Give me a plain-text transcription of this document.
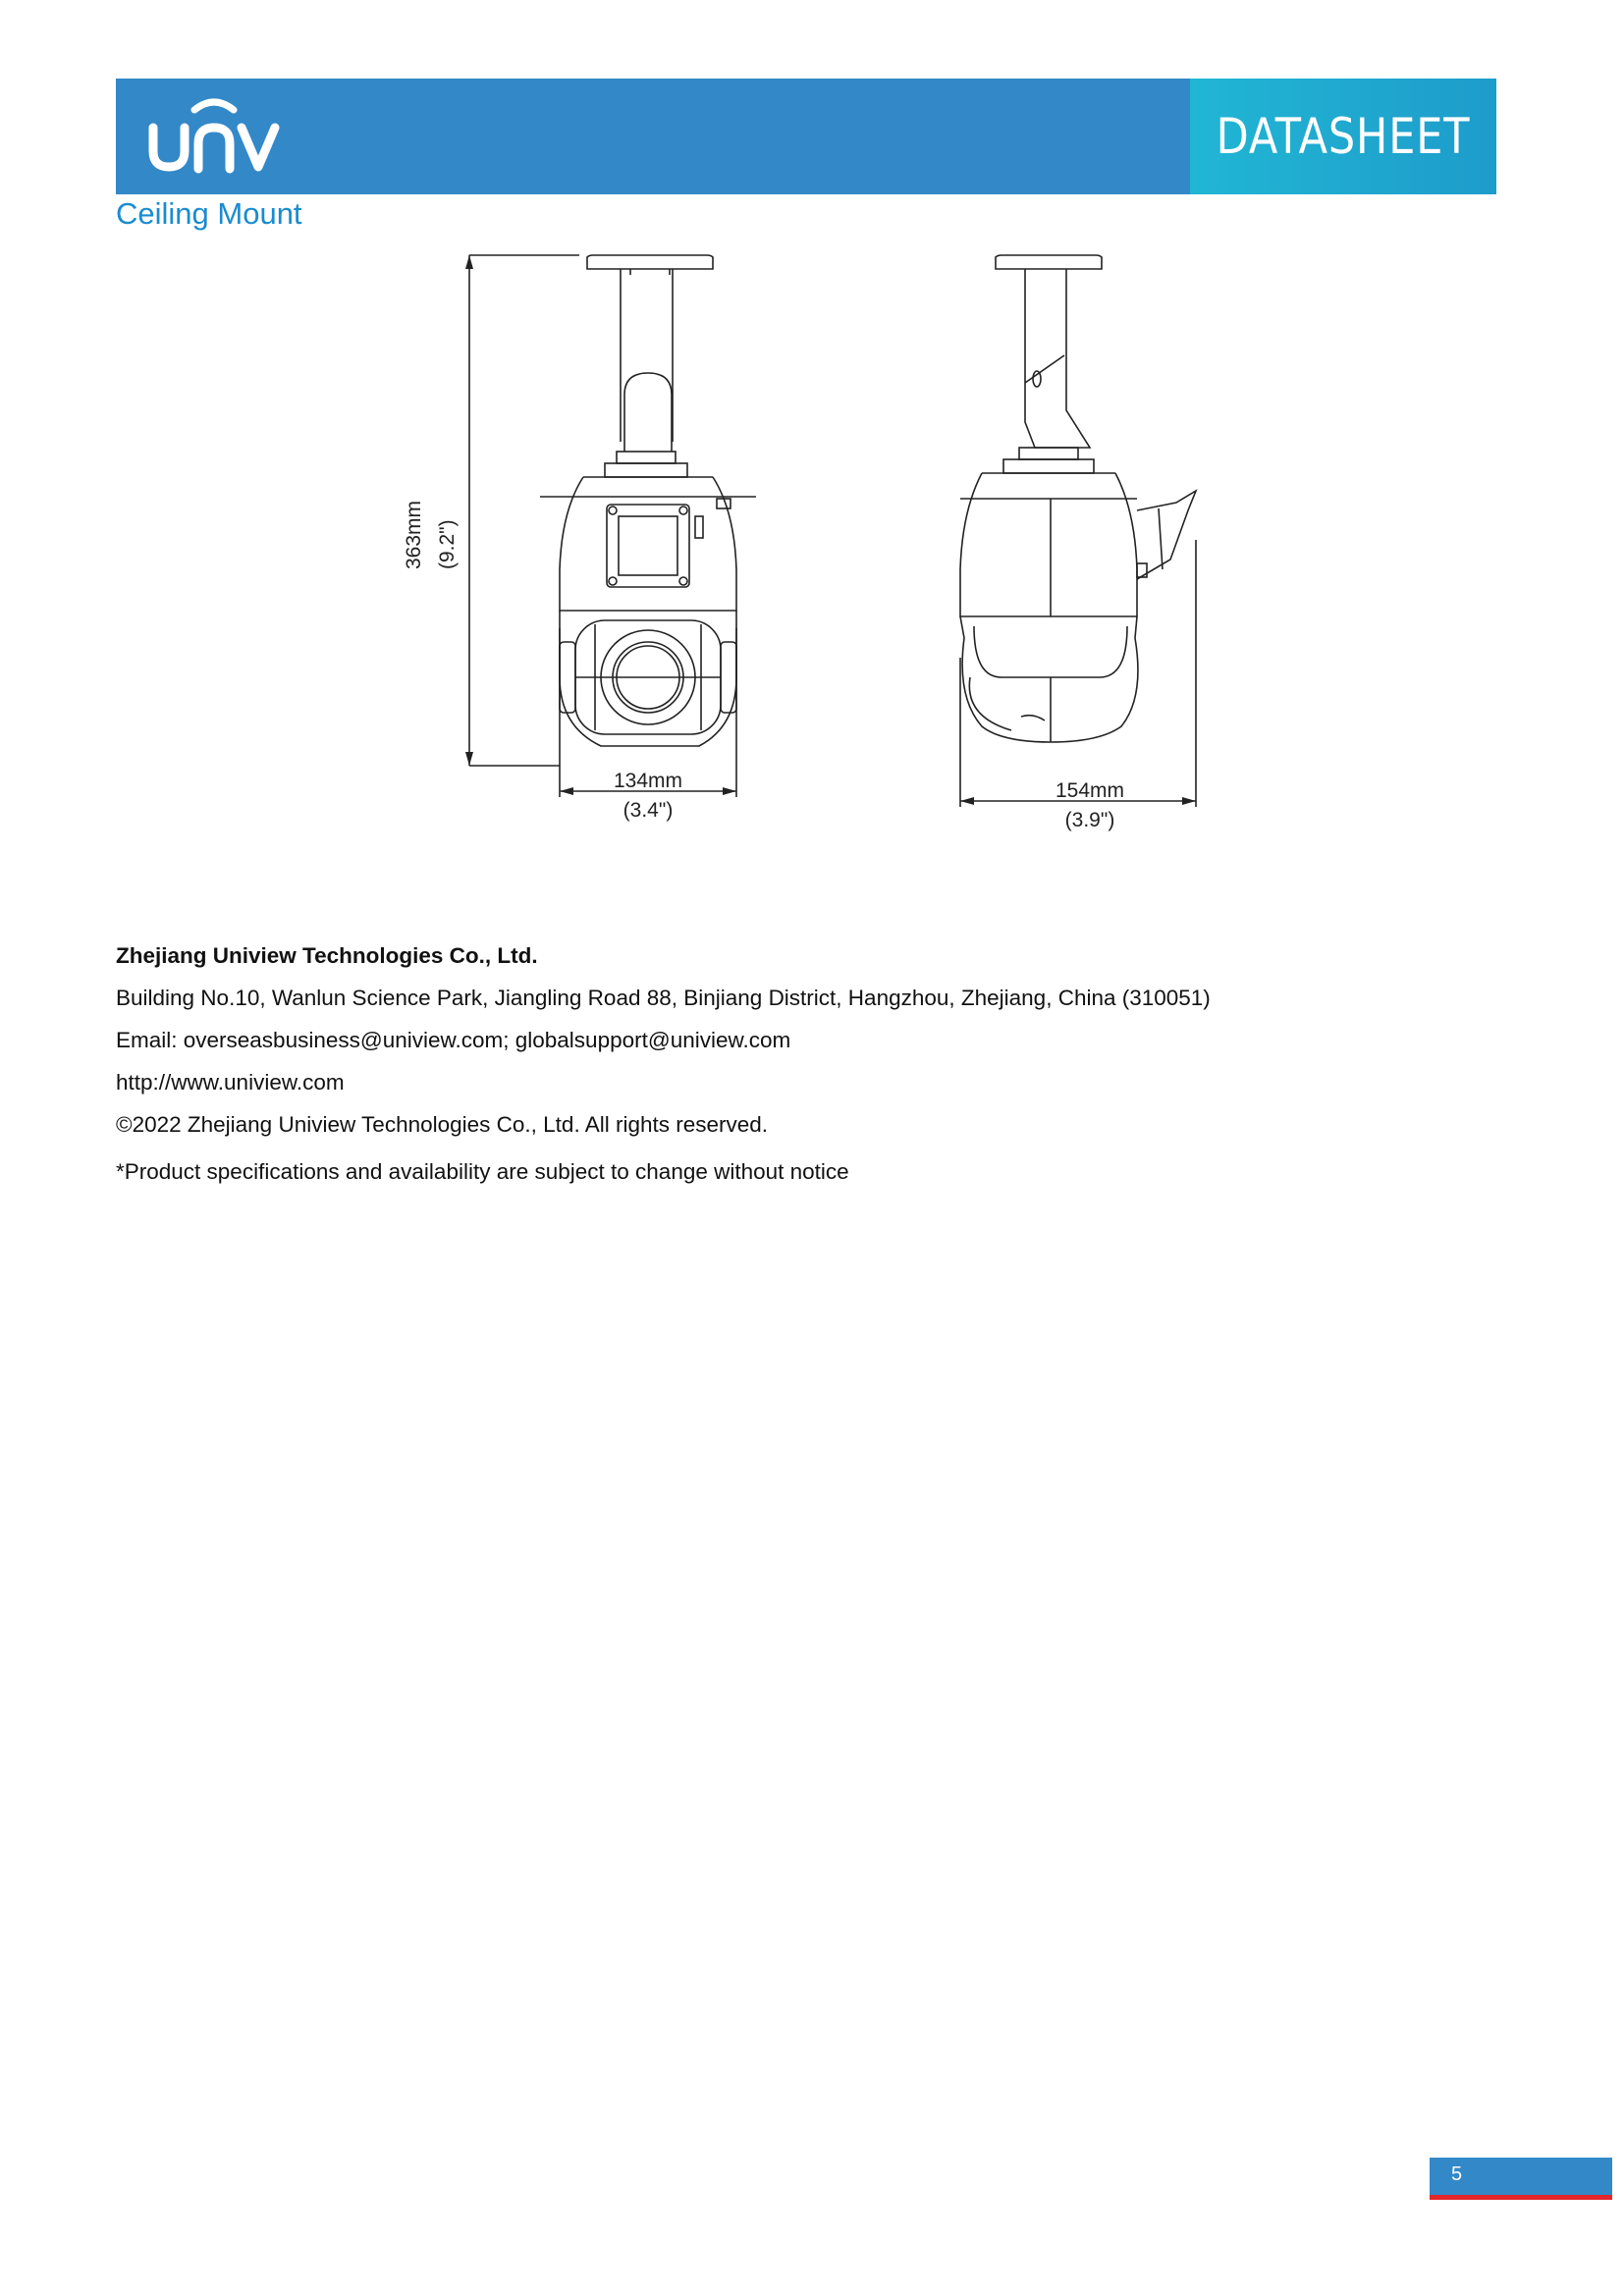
DATASHEET
Ceiling Mount
363mm (9.2")
134mm
(3.4")
154mm
(3.9")
Zhejiang Uniview Technologies Co., Ltd.
Building No.10, Wanlun Science Park, Jiangling Road 88, Binjiang District, Hangzhou, Zhejiang, China (310051)
Email: overseasbusiness@uniview.com; globalsupport@uniview.com
http://www.uniview.com
©2022 Zhejiang Uniview Technologies Co., Ltd. All rights reserved.
*Product specifications and availability are subject to change without notice
5
